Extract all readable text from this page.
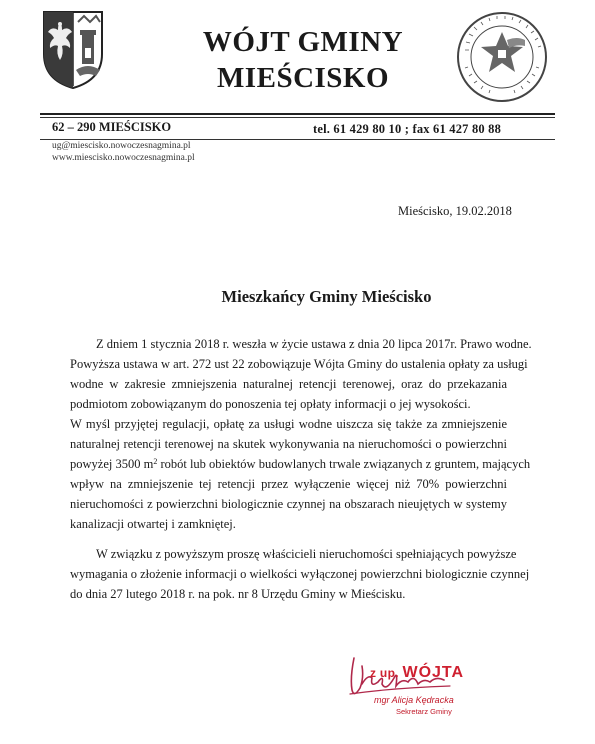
WÓJT GMINY
MIEŚCISKO
62 – 290 MIEŚCISKO	tel. 61 429 80 10 ; fax 61 427 80 88
ug@miescisko.nowoczesnagmina.pl
www.miescisko.nowoczesnagmina.pl
Mieścisko, 19.02.2018
Mieszkańcy Gminy Mieścisko
Z dniem 1 stycznia 2018 r. weszła w życie ustawa z dnia 20 lipca 2017r. Prawo wodne.
Powyższa ustawa w art. 272 ust 22 zobowiązuje Wójta Gminy do ustalenia opłaty za usługi
wodne w zakresie zmniejszenia naturalnej retencji terenowej, oraz do przekazania
podmiotom zobowiązanym do ponoszenia tej opłaty informacji o jej wysokości.
W myśl przyjętej regulacji, opłatę za usługi wodne uiszcza się także za zmniejszenie
naturalnej retencji terenowej na skutek wykonywania na nieruchomości o powierzchni
powyżej 3500 $m^2$ robót lub obiektów budowlanych trwale związanych z gruntem, mających
wpływ na zmniejszenie tej retencji przez wyłączenie więcej niż 70% powierzchni
nieruchomości z powierzchni biologicznie czynnej na obszarach nieujętych w systemy
kanalizacji otwartej i zamkniętej.
W związku z powyższym proszę właścicieli nieruchomości spełniających powyższe
wymagania o złożenie informacji o wielkości wyłączonej powierzchni biologicznie czynnej
do dnia 27 lutego 2018 r. na pok. nr 8 Urzędu Gminy w Mieścisku.
z up. WÓJTA
mgr Alicja Kędracka
Sekretarz Gminy
